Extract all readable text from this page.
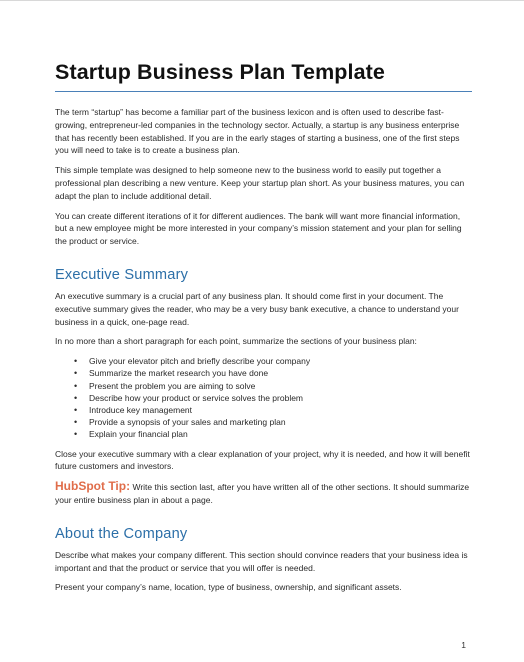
Startup Business Plan Template

The term “startup” has become a familiar part of the business lexicon and is often used to describe fast-growing, entrepreneur-led companies in the technology sector. Actually, a startup is any business enterprise that has recently been established. If you are in the early stages of starting a business, one of the first steps you will need to take is to create a business plan.

This simple template was designed to help someone new to the business world to easily put together a professional plan describing a new venture. Keep your startup plan short. As your business matures, you can adapt the plan to include additional detail.

You can create different iterations of it for different audiences. The bank will want more financial information, but a new employee might be more interested in your company’s mission statement and your plan for selling the product or service.

Executive Summary

An executive summary is a crucial part of any business plan. It should come first in your document. The executive summary gives the reader, who may be a very busy bank executive, a chance to understand your business in a quick, one-page read.

In no more than a short paragraph for each point, summarize the sections of your business plan:

• Give your elevator pitch and briefly describe your company
• Summarize the market research you have done
• Present the problem you are aiming to solve
• Describe how your product or service solves the problem
• Introduce key management
• Provide a synopsis of your sales and marketing plan
• Explain your financial plan

Close your executive summary with a clear explanation of your project, why it is needed, and how it will benefit future customers and investors.

HubSpot Tip: Write this section last, after you have written all of the other sections. It should summarize your entire business plan in about a page.

About the Company

Describe what makes your company different. This section should convince readers that your business idea is important and that the product or service that you will offer is needed.

Present your company’s name, location, type of business, ownership, and significant assets.

1
